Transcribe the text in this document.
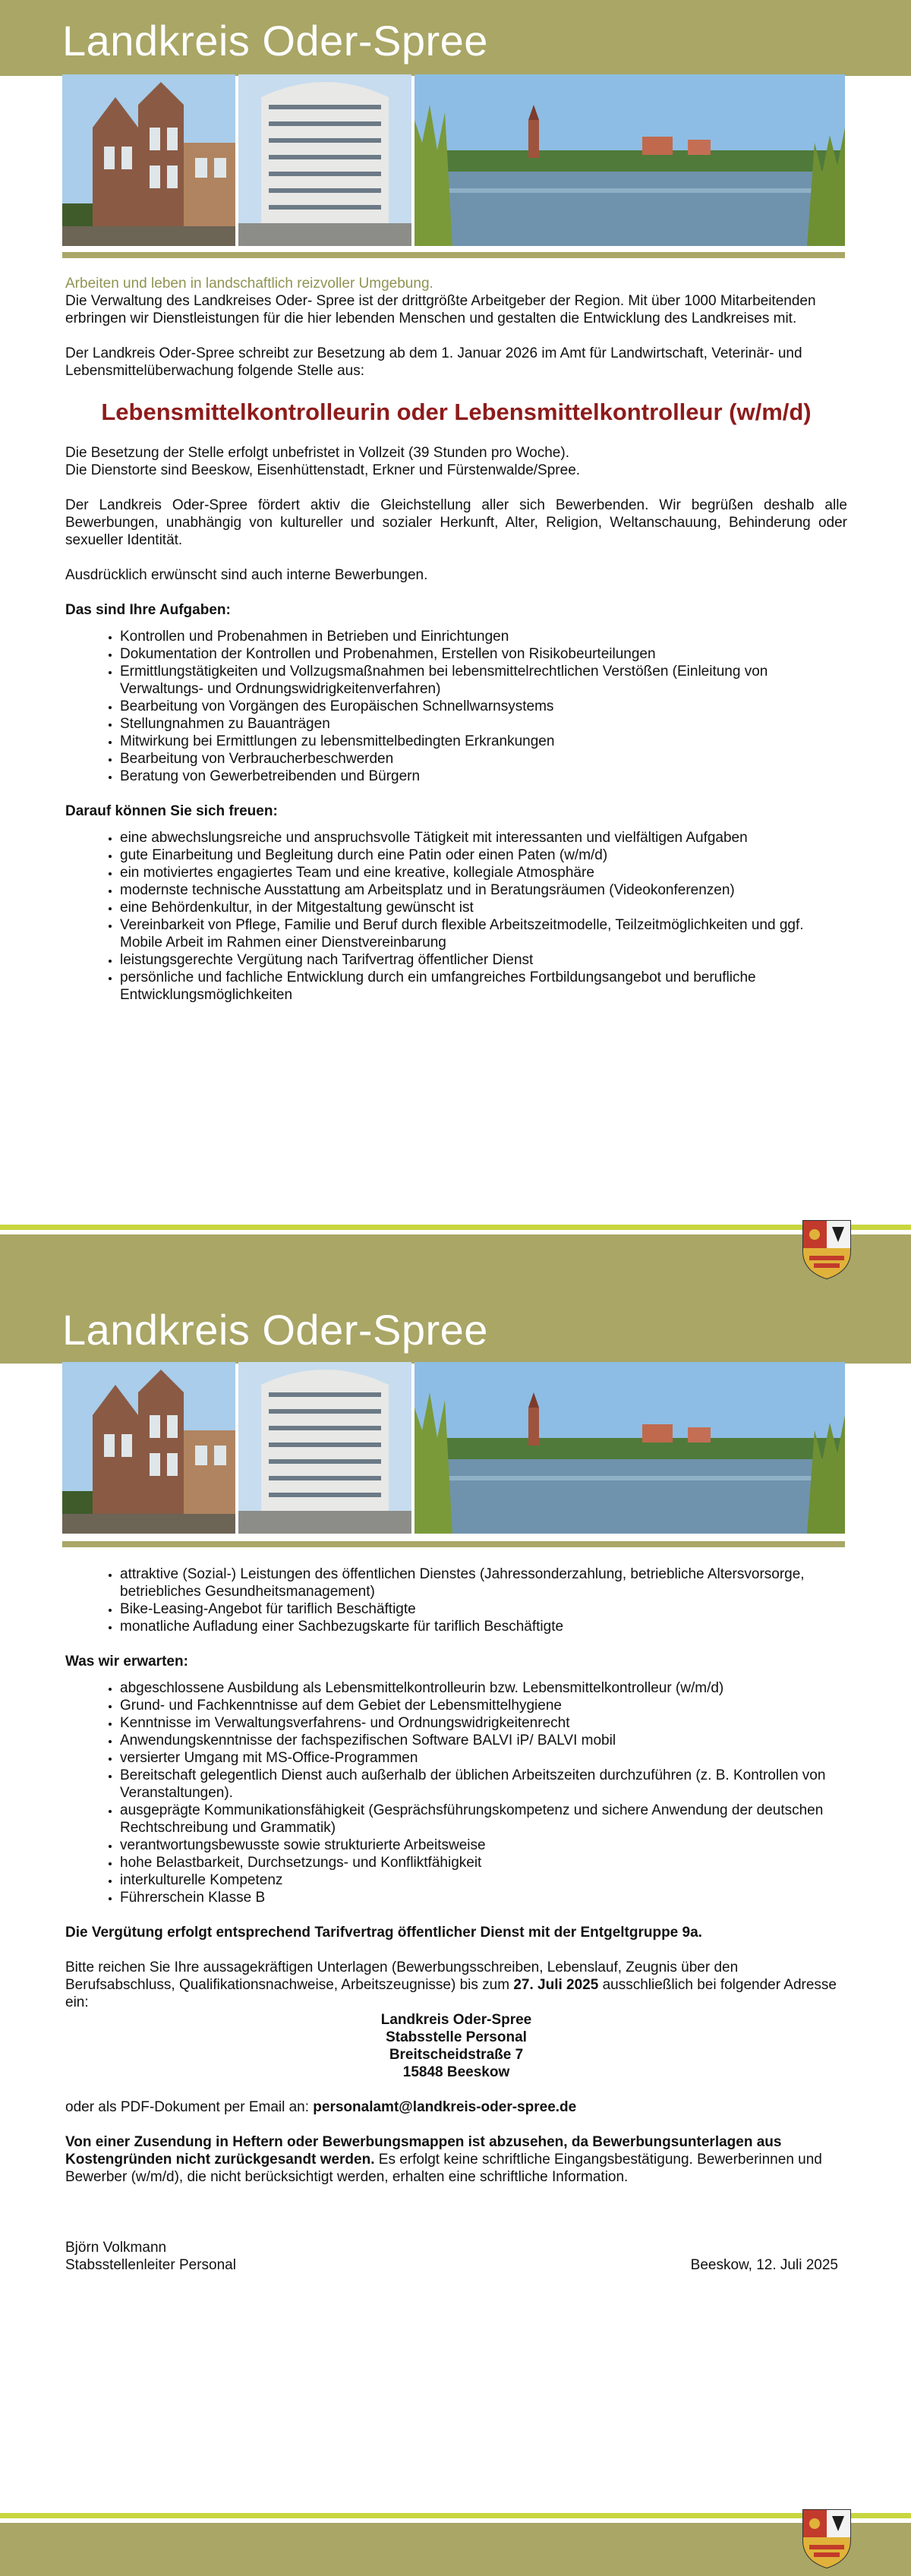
Landkreis Oder-Spree

Arbeiten und leben in landschaftlich reizvoller Umgebung.

Die Verwaltung des Landkreises Oder- Spree ist der drittgrößte Arbeitgeber der Region. Mit über 1000 Mitarbeitenden erbringen wir Dienstleistungen für die hier lebenden Menschen und gestalten die Entwicklung des Landkreises mit.

Der Landkreis Oder-Spree schreibt zur Besetzung ab dem 1. Januar 2026 im Amt für Landwirtschaft, Veterinär- und Lebensmittelüberwachung folgende Stelle aus:

Lebensmittelkontrolleurin oder Lebensmittelkontrolleur (w/m/d)

Die Besetzung der Stelle erfolgt unbefristet in Vollzeit (39 Stunden pro Woche).

Die Dienstorte sind Beeskow, Eisenhüttenstadt, Erkner und Fürstenwalde/Spree.

Der Landkreis Oder-Spree fördert aktiv die Gleichstellung aller sich Bewerbenden. Wir begrüßen deshalb alle Bewerbungen, unabhängig von kultureller und sozialer Herkunft, Alter, Religion, Weltanschauung, Behinderung oder sexueller Identität.

Ausdrücklich erwünscht sind auch interne Bewerbungen.

Das sind Ihre Aufgaben:

• Kontrollen und Probenahmen in Betrieben und Einrichtungen
• Dokumentation der Kontrollen und Probenahmen, Erstellen von Risikobeurteilungen
• Ermittlungstätigkeiten und Vollzugsmaßnahmen bei lebensmittelrechtlichen Verstößen (Einleitung von Verwaltungs- und Ordnungswidrigkeitenverfahren)
• Bearbeitung von Vorgängen des Europäischen Schnellwarnsystems
• Stellungnahmen zu Bauanträgen
• Mitwirkung bei Ermittlungen zu lebensmittelbedingten Erkrankungen
• Bearbeitung von Verbraucherbeschwerden
• Beratung von Gewerbetreibenden und Bürgern

Darauf können Sie sich freuen:

• eine abwechslungsreiche und anspruchsvolle Tätigkeit mit interessanten und vielfältigen Aufgaben
• gute Einarbeitung und Begleitung durch eine Patin oder einen Paten (w/m/d)
• ein motiviertes engagiertes Team und eine kreative, kollegiale Atmosphäre
• modernste technische Ausstattung am Arbeitsplatz und in Beratungsräumen (Videokonferenzen)
• eine Behördenkultur, in der Mitgestaltung gewünscht ist
• Vereinbarkeit von Pflege, Familie und Beruf durch flexible Arbeitszeitmodelle, Teilzeitmöglichkeiten und ggf. Mobile Arbeit im Rahmen einer Dienstvereinbarung
• leistungsgerechte Vergütung nach Tarifvertrag öffentlicher Dienst
• persönliche und fachliche Entwicklung durch ein umfangreiches Fortbildungsangebot und berufliche Entwicklungsmöglichkeiten
Landkreis Oder-Spree
• attraktive (Sozial-) Leistungen des öffentlichen Dienstes (Jahressonderzahlung, betriebliche Altersvorsorge, betriebliches Gesundheitsmanagement)
• Bike-Leasing-Angebot für tariflich Beschäftigte
• monatliche Aufladung einer Sachbezugskarte für tariflich Beschäftigte

Was wir erwarten:

• abgeschlossene Ausbildung als Lebensmittelkontrolleurin bzw. Lebensmittelkontrolleur (w/m/d)
• Grund- und Fachkenntnisse auf dem Gebiet der Lebensmittelhygiene
• Kenntnisse im Verwaltungsverfahrens- und Ordnungswidrigkeitenrecht
• Anwendungskenntnisse der fachspezifischen Software BALVI iP/ BALVI mobil
• versierter Umgang mit MS-Office-Programmen
• Bereitschaft gelegentlich Dienst auch außerhalb der üblichen Arbeitszeiten durchzuführen (z. B. Kontrollen von Veranstaltungen).
• ausgeprägte Kommunikationsfähigkeit (Gesprächsführungskompetenz und sichere Anwendung der deutschen Rechtschreibung und Grammatik)
• verantwortungsbewusste sowie strukturierte Arbeitsweise
• hohe Belastbarkeit, Durchsetzungs- und Konfliktfähigkeit
• interkulturelle Kompetenz
• Führerschein Klasse B

Die Vergütung erfolgt entsprechend Tarifvertrag öffentlicher Dienst mit der Entgeltgruppe 9a.

Bitte reichen Sie Ihre aussagekräftigen Unterlagen (Bewerbungsschreiben, Lebenslauf, Zeugnis über den Berufsabschluss, Qualifikationsnachweise, Arbeitszeugnisse) bis zum 27. Juli 2025 ausschließlich bei folgender Adresse ein:

Landkreis Oder-Spree

Stabsstelle Personal

Breitscheidstraße 7

15848 Beeskow

oder als PDF-Dokument per Email an: personalamt@landkreis-oder-spree.de

Von einer Zusendung in Heftern oder Bewerbungsmappen ist abzusehen, da Bewerbungsunterlagen aus Kostengründen nicht zurückgesandt werden. Es erfolgt keine schriftliche Eingangsbestätigung. Bewerberinnen und Bewerber (w/m/d), die nicht berücksichtigt werden, erhalten eine schriftliche Information.

Björn Volkmann

Stabsstellenleiter Personal	Beeskow, 12. Juli 2025
